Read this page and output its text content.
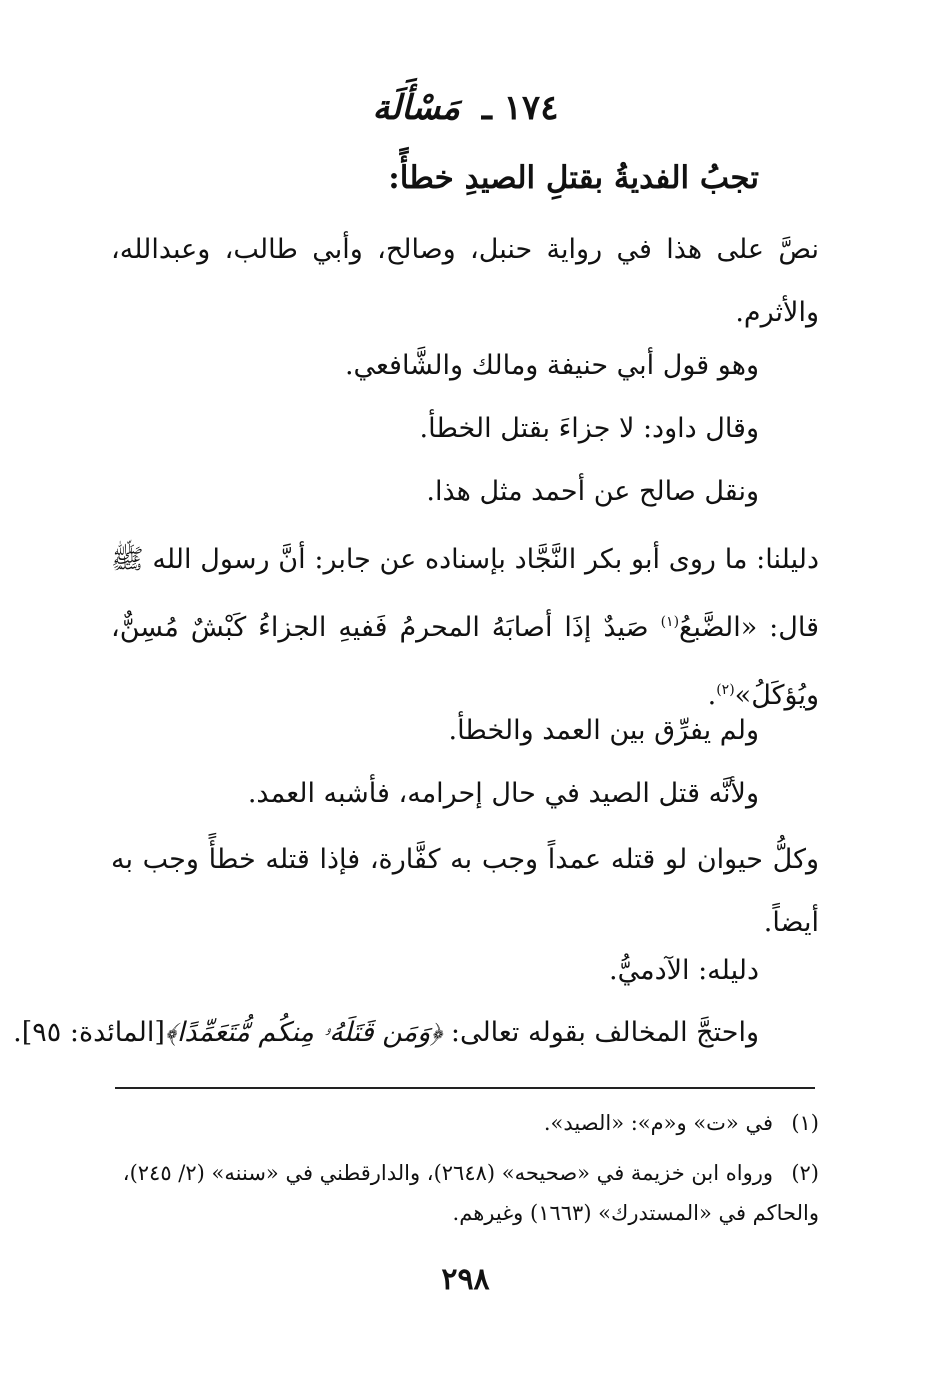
١٧٤ ـ مَسْأَلَة
تجبُ الفديةُ بقتلِ الصيدِ خطأً:
نصَّ على هذا في رواية حنبل، وصالح، وأبي طالب، وعبدالله، والأثرم.
وهو قول أبي حنيفة ومالك والشَّافعي.
وقال داود: لا جزاءَ بقتل الخطأ.
ونقل صالح عن أحمد مثل هذا.
دليلنا: ما روى أبو بكر النَّجَّاد بإسناده عن جابر: أنَّ رسول الله ﷺ قال: «الضَّبعُ$^{(١)}$ صَيدٌ إذَا أصابَهُ المحرمُ فَفيهِ الجزاءُ كَبْشٌ مُسِنٌّ، ويُؤكَلُ»$^{(٢)}$.
ولم يفرِّق بين العمد والخطأ.
ولأنَّه قتل الصيد في حال إحرامه، فأشبه العمد.
وكلُّ حيوان لو قتله عمداً وجب به كفَّارة، فإذا قتله خطأً وجب به أيضاً.
دليله: الآدميُّ.
واحتجَّ المخالف بقوله تعالى: ﴿وَمَن قَتَلَهُۥ مِنكُم مُّتَعَمِّدًا﴾[المائدة: ٩٥].
(١)في «ت» و«م»: «الصيد».
(٢)ورواه ابن خزيمة في «صحيحه» (٢٦٤٨)، والدارقطني في «سننه» (٢/ ٢٤٥)، والحاكم في «المستدرك» (١٦٦٣) وغيرهم.
٢٩٨
